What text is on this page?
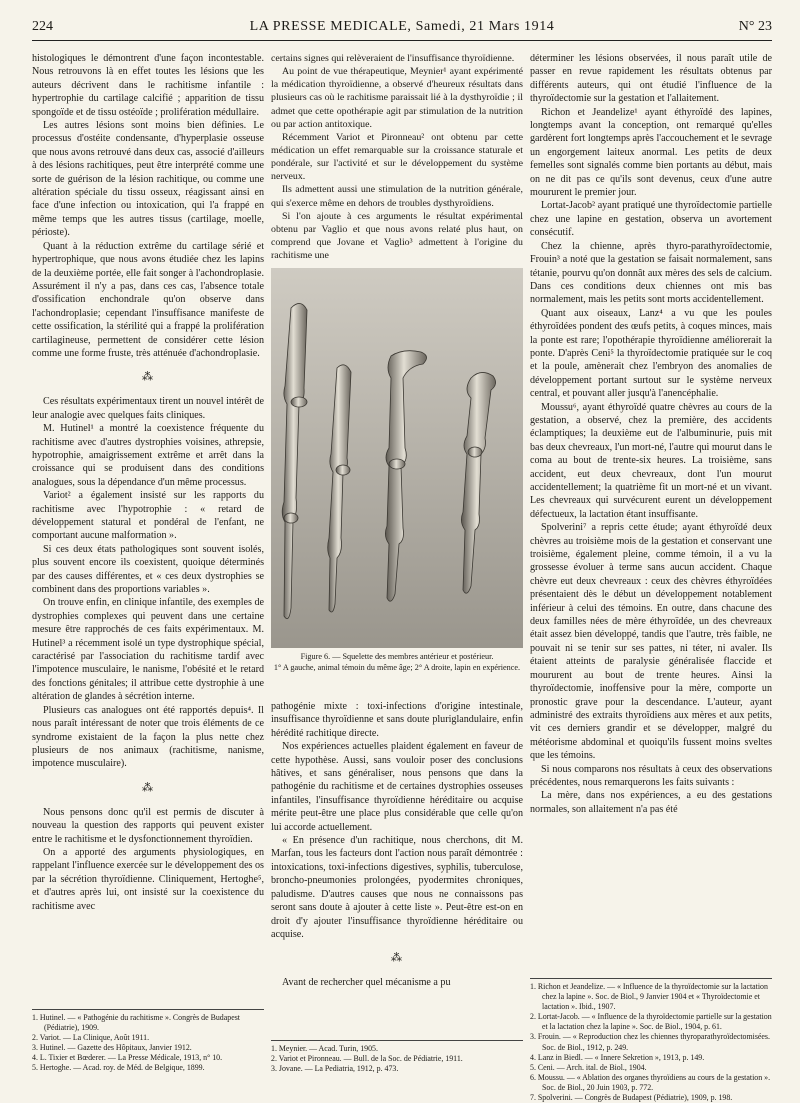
224	LA PRESSE MEDICALE, Samedi, 21 Mars 1914	N° 23

histologiques le démontrent d'une façon incontestable. Nous retrouvons là en effet toutes les lésions que les auteurs décrivent dans le rachitisme infantile : hypertrophie du cartilage calcifié ; apparition de tissu spongoïde et de tissu ostéoïde ; prolifération médullaire.

Les autres lésions sont moins bien définies. Le processus d'ostéite condensante, d'hyperplasie osseuse que nous avons retrouvé dans deux cas, associé d'ailleurs à des lésions rachitiques, peut être interprété comme une sorte de guérison de la lésion rachitique, ou comme une altération spéciale du tissu osseux, réagissant ainsi en face d'une infection ou intoxication, qui l'a frappé en même temps que les autres tissus (cartilage, moelle, périoste).

Quant à la réduction extrême du cartilage sérié et hypertrophique, que nous avons étudiée chez les lapins de la deuxième portée, elle fait songer à l'achondroplasie. Assurément il n'y a pas, dans ces cas, l'absence totale d'ossification enchondrale qu'on observe dans l'achondroplasie; cependant l'insuffisance manifeste de cette ossification, la stérilité qui a frappé la prolifération cartilagineuse, permettent de considérer cette lésion comme une forme fruste, très atténuée d'achondroplasie.

⁂

Ces résultats expérimentaux tirent un nouvel intérêt de leur analogie avec quelques faits cliniques.

M. Hutinel¹ a montré la coexistence fréquente du rachitisme avec d'autres dystrophies voisines, athrepsie, hypotrophie, amaigrissement extrême et arrêt dans la croissance qui se produisent dans des conditions analogues, sous la dépendance d'un même processus.

Variot² a également insisté sur les rapports du rachitisme avec l'hypotrophie : « retard de développement statural et pondéral de l'enfant, ne comportant aucune malformation ».

Si ces deux états pathologiques sont souvent isolés, plus souvent encore ils coexistent, quoique déterminés par des causes différentes, et « ces deux dystrophies se combinent dans des proportions variables ».

On trouve enfin, en clinique infantile, des exemples de dystrophies complexes qui peuvent dans une certaine mesure être rapprochés de ces faits expérimentaux. M. Hutinel³ a récemment isolé un type dystrophique spécial, caractérisé par l'association du rachitisme tardif avec l'impotence musculaire, le nanisme, l'obésité et le retard des fonctions génitales; il attribue cette dystrophie à une altération de glandes à sécrétion interne.

Plusieurs cas analogues ont été rapportés depuis⁴. Il nous paraît intéressant de noter que trois éléments de ce syndrome existaient de la façon la plus nette chez plusieurs de nos animaux (rachitisme, nanisme, impotence musculaire).

⁂

Nous pensons donc qu'il est permis de discuter à nouveau la question des rapports qui peuvent exister entre le rachitisme et le dysfonctionnement thyroïdien.

On a apporté des arguments physiologiques, en rappelant l'influence exercée sur le développement des os par la sécrétion thyroïdienne. Cliniquement, Hertoghe⁵, et d'autres après lui, ont insisté sur la coexistence du rachitisme avec

1. Hutinel. — « Pathogénie du rachitisme ». Congrès de Budapest (Pédiatrie), 1909.
2. Variot. — La Clinique, Août 1911.
3. Hutinel. — Gazette des Hôpitaux, Janvier 1912.
4. L. Tixier et Bœderer. — La Presse Médicale, 1913, n° 10.
5. Hertoghe. — Acad. roy. de Méd. de Belgique, 1899.

certains signes qui relèveraient de l'insuffisance thyroïdienne.

Au point de vue thérapeutique, Meynier¹ ayant expérimenté la médication thyroïdienne, a observé d'heureux résultats dans plusieurs cas où le rachitisme paraissait lié à la dysthyroïdie ; il admet que cette opothérapie agit par stimulation de la nutrition ou par action antitoxique.

Récemment Variot et Pironneau² ont obtenu par cette médication un effet remarquable sur la croissance staturale et pondérale, sur l'activité et sur le développement du système nerveux.

Ils admettent aussi une stimulation de la nutrition générale, qui s'exerce même en dehors de troubles dysthyroïdiens.

Si l'on ajoute à ces arguments le résultat expérimental obtenu par Vaglio et que nous avons relaté plus haut, on comprend que Jovane et Vaglio³ admettent à l'origine du rachitisme une

Figure 6. — Squelette des membres antérieur et postérieur.
1° A gauche, animal témoin du même âge; 2° A droite, lapin en expérience.

pathogénie mixte : toxi-infections d'origine intestinale, insuffisance thyroïdienne et sans doute pluriglandulaire, enfin hérédité rachitique directe.

Nos expériences actuelles plaident également en faveur de cette hypothèse. Aussi, sans vouloir poser des conclusions hâtives, et sans généraliser, nous pensons que dans la pathogénie du rachitisme et de certaines dystrophies osseuses infantiles, l'insuffisance thyroïdienne héréditaire ou acquise mérite peut-être une place plus considérable que celle qu'on lui accorde actuellement.

« En présence d'un rachitique, nous cherchons, dit M. Marfan, tous les facteurs dont l'action nous paraît démontrée : intoxications, toxi-infections digestives, syphilis, tuberculose, broncho-pneumonies prolongées, pyodermites chroniques, paludisme. D'autres causes que nous ne connaissons pas seront sans doute à ajouter à cette liste ». Peut-être est-on en droit d'y ajouter l'insuffisance thyroïdienne héréditaire ou acquise.

⁂

Avant de rechercher quel mécanisme a pu

1. Meynier. — Acad. Turin, 1905.
2. Variot et Pironneau. — Bull. de la Soc. de Pédiatrie, 1911.
3. Jovane. — La Pediatria, 1912, p. 473.

déterminer les lésions observées, il nous paraît utile de passer en revue rapidement les résultats obtenus par différents auteurs, qui ont étudié l'influence de la thyroïdectomie sur la gestation et l'allaitement.

Richon et Jeandelize¹ ayant éthyroïdé des lapines, longtemps avant la conception, ont remarqué qu'elles gardèrent fort longtemps après l'accouchement et le sevrage un engorgement laiteux anormal. Les petits de deux femelles sont signalés comme bien portants au début, mais on ne dit pas ce qu'ils sont devenus, ceux d'une autre moururent le premier jour.

Lortat-Jacob² ayant pratiqué une thyroïdectomie partielle chez une lapine en gestation, observa un avortement consécutif.

Chez la chienne, après thyro-parathyroïdectomie, Frouin³ a noté que la gestation se faisait normalement, sans tétanie, pourvu qu'on donnât aux mères des sels de calcium. Dans ces conditions deux chiennes ont mis bas normalement, mais les petits sont morts accidentellement.

Quant aux oiseaux, Lanz⁴ a vu que les poules éthyroïdées pondent des œufs petits, à coques minces, mais la ponte est rare; l'opothérapie thyroïdienne améliorerait la ponte. D'après Ceni⁵ la thyroïdectomie pratiquée sur le coq et la poule, amènerait chez l'embryon des anomalies de développement portant surtout sur le système nerveux central, et pouvant aller jusqu'à l'anencéphalie.

Moussu⁶, ayant éthyroïdé quatre chèvres au cours de la gestation, a observé, chez la première, des accidents éclamptiques; la deuxième eut de l'albuminurie, puis mit bas deux chevreaux, l'un mort-né, l'autre qui mourut dans le coma au bout de trente-six heures. La troisième, sans accident, eut deux chevreaux, dont l'un mourut accidentellement; la quatrième fit un mort-né et un vivant. Les chevreaux qui survécurent eurent un développement défectueux, la lactation étant insuffisante.

Spolverini⁷ a repris cette étude; ayant éthyroïdé deux chèvres au troisième mois de la gestation et conservant une troisième, également pleine, comme témoin, il a vu la grossesse évoluer à terme sans aucun accident. Chaque chèvre eut deux chevreaux : ceux des chèvres éthyroïdées présentaient dès le début un développement notablement inférieur à celui des témoins. En outre, dans chacune des deux familles nées de mère éthyroïdée, un des chevreaux était assez bien développé, tandis que l'autre, très faible, ne pouvait ni se tenir sur ses pattes, ni téter, ni avaler. Ils étaient atteints de paralysie généralisée flaccide et moururent au bout de trente heures. Ainsi la thyroïdectomie, inoffensive pour la mère, comporte un pronostic grave pour la descendance. L'auteur, ayant administré des extraits thyroïdiens aux mères et aux petits, vit ces derniers grandir et se développer, malgré du météorisme abdominal et quoiqu'ils fussent moins sveltes que les témoins.

Si nous comparons nos résultats à ceux des observations précédentes, nous remarquerons les faits suivants :

La mère, dans nos expériences, a eu des gestations normales, son allaitement n'a pas été

1. Richon et Jeandelize. — « Influence de la thyroïdectomie sur la lactation chez la lapine ». Soc. de Biol., 9 Janvier 1904 et « Thyroïdectomie et lactation ». Ibid., 1907.
2. Lortat-Jacob. — « Influence de la thyroïdectomie partielle sur la gestation et la lactation chez la lapine ». Soc. de Biol., 1904, p. 61.
3. Frouin. — « Reproduction chez les chiennes thyroparathyroïdectomisées. Soc. de Biol., 1912, p. 249.
4. Lanz in Biedl. — « Innere Sekretion », 1913, p. 149.
5. Ceni. — Arch. ital. de Biol., 1904.
6. Moussu. — « Ablation des organes thyroïdiens au cours de la gestation ». Soc. de Biol., 20 Juin 1903, p. 772.
7. Spolverini. — Congrès de Budapest (Pédiatrie), 1909, p. 198.
